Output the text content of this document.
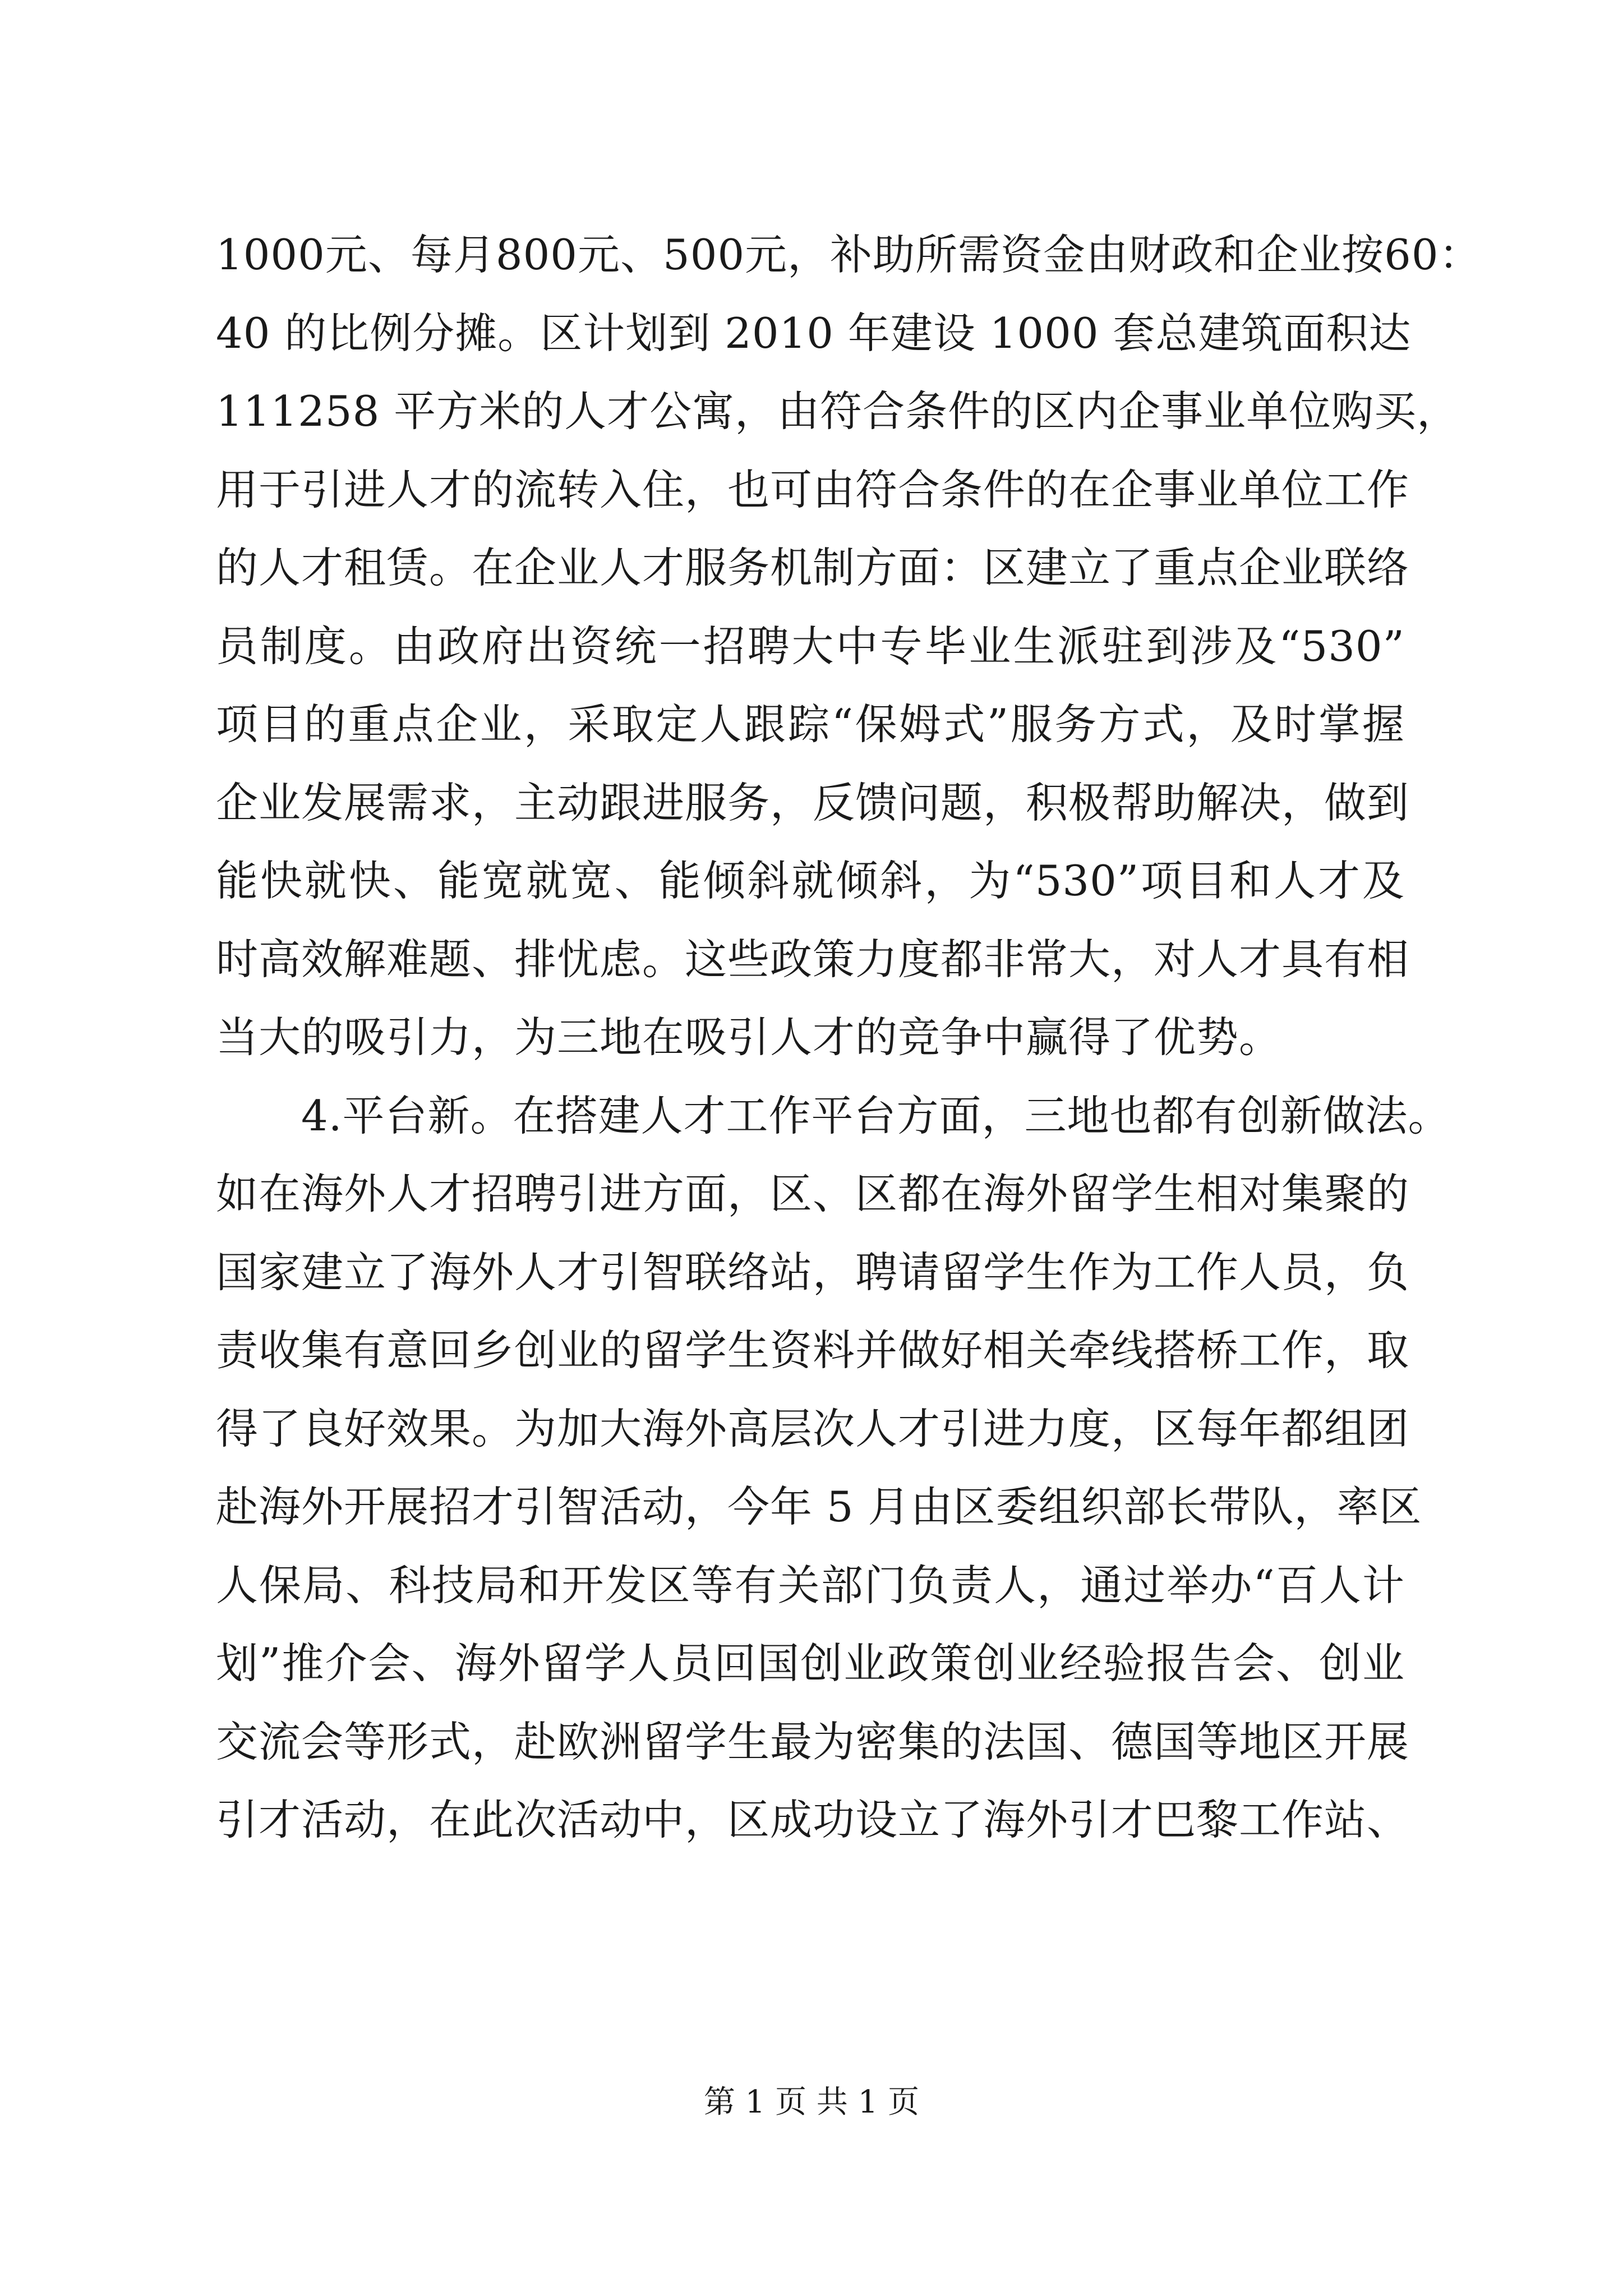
1000元、每月800元、500元，补助所需资金由财政和企业按60：
40 的比例分摊。区计划到 2010 年建设 1000 套总建筑面积达
111258 平方米的人才公寓，由符合条件的区内企事业单位购买，
用于引进人才的流转入住，也可由符合条件的在企事业单位工作
的人才租赁。在企业人才服务机制方面：区建立了重点企业联络
员制度。由政府出资统一招聘大中专毕业生派驻到涉及“530”
项目的重点企业，采取定人跟踪“保姆式”服务方式，及时掌握
企业发展需求，主动跟进服务，反馈问题，积极帮助解决，做到
能快就快、能宽就宽、能倾斜就倾斜，为“530”项目和人才及
时高效解难题、排忧虑。这些政策力度都非常大，对人才具有相
当大的吸引力，为三地在吸引人才的竞争中赢得了优势。
4.平台新。在搭建人才工作平台方面，三地也都有创新做法。
如在海外人才招聘引进方面，区、区都在海外留学生相对集聚的
国家建立了海外人才引智联络站，聘请留学生作为工作人员，负
责收集有意回乡创业的留学生资料并做好相关牵线搭桥工作，取
得了良好效果。为加大海外高层次人才引进力度，区每年都组团
赴海外开展招才引智活动，今年 5 月由区委组织部长带队，率区
人保局、科技局和开发区等有关部门负责人，通过举办“百人计
划”推介会、海外留学人员回国创业政策创业经验报告会、创业
交流会等形式，赴欧洲留学生最为密集的法国、德国等地区开展
引才活动，在此次活动中，区成功设立了海外引才巴黎工作站、
第 1 页 共 1 页
